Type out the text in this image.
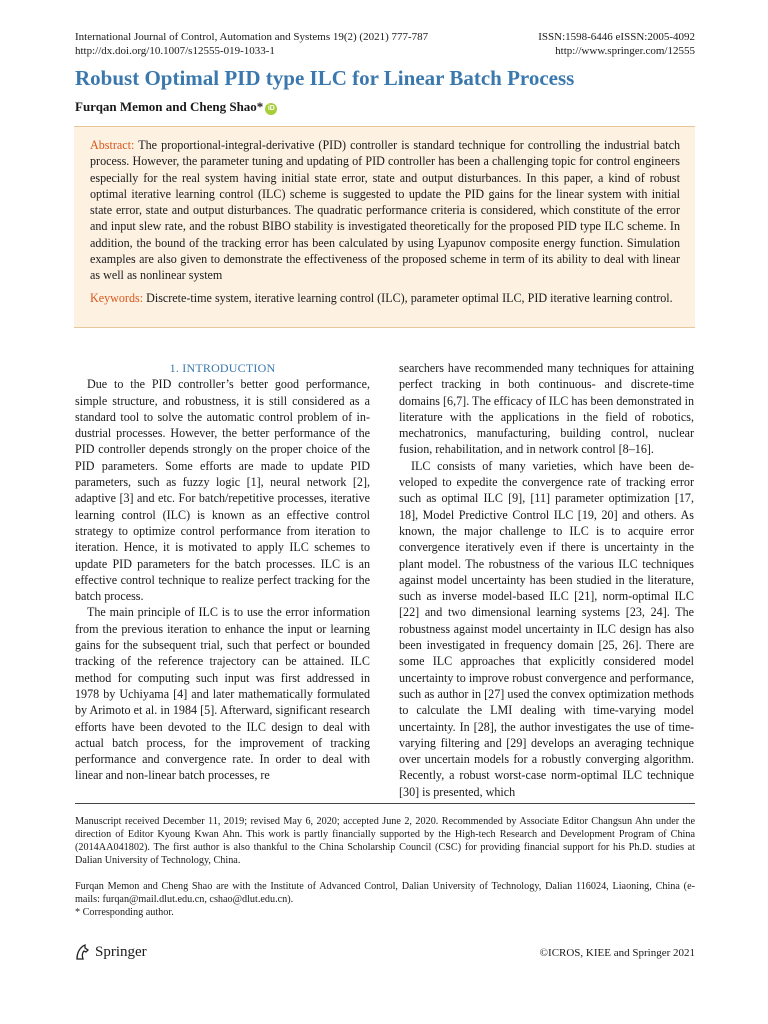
International Journal of Control, Automation and Systems 19(2) (2021) 777-787
http://dx.doi.org/10.1007/s12555-019-1033-1
ISSN:1598-6446 eISSN:2005-4092
http://www.springer.com/12555
Robust Optimal PID type ILC for Linear Batch Process
Furqan Memon and Cheng Shao* iD
Abstract: The proportional-integral-derivative (PID) controller is standard technique for controlling the industrial batch process. However, the parameter tuning and updating of PID controller has been a challenging topic for control engineers especially for the real system having initial state error, state and output disturbances. In this paper, a kind of robust optimal iterative learning control (ILC) scheme is suggested to update the PID gains for the linear system with initial state error, state and output disturbances. The quadratic performance criteria is considered, which constitute of the error and input slew rate, and the robust BIBO stability is investigated theoretically for the proposed PID type ILC scheme. In addition, the bound of the tracking error has been calculated by using Lyapunov composite energy function. Simulation examples are also given to demonstrate the effectiveness of the proposed scheme in term of its ability to deal with linear as well as nonlinear system
Keywords: Discrete-time system, iterative learning control (ILC), parameter optimal ILC, PID iterative learning control.

1. INTRODUCTION

Due to the PID controller’s better good performance, simple structure, and robustness, it is still considered as a standard tool to solve the automatic control problem of industrial processes. However, the better performance of the PID controller depends strongly on the proper choice of the PID parameters. Some efforts are made to update PID parameters, such as fuzzy logic [1], neural network [2], adaptive [3] and etc. For batch/repetitive processes, iterative learning control (ILC) is known as an effective control strategy to optimize control performance from iteration to iteration. Hence, it is motivated to apply ILC schemes to update PID parameters for the batch processes. ILC is an effective control technique to realize perfect tracking for the batch process.

The main principle of ILC is to use the error information from the previous iteration to enhance the input or learning gains for the subsequent trial, such that perfect or bounded tracking of the reference trajectory can be attained. ILC method for computing such input was first addressed in 1978 by Uchiyama [4] and later mathematically formulated by Arimoto et al. in 1984 [5]. Afterward, significant research efforts have been devoted to the ILC design to deal with actual batch process, for the improvement of tracking performance and convergence rate. In order to deal with linear and non-linear batch processes, re

searchers have recommended many techniques for attaining perfect tracking in both continuous- and discrete-time domains [6,7]. The efficacy of ILC has been demonstrated in literature with the applications in the field of robotics, mechatronics, manufacturing, building control, nuclear fusion, rehabilitation, and in network control [8–16].

ILC consists of many varieties, which have been developed to expedite the convergence rate of tracking error such as optimal ILC [9], [11] parameter optimization [17, 18], Model Predictive Control ILC [19, 20] and others. As known, the major challenge to ILC is to acquire error convergence iteratively even if there is uncertainty in the plant model. The robustness of the various ILC techniques against model uncertainty has been studied in the literature, such as inverse model-based ILC [21], norm-optimal ILC [22] and two dimensional learning systems [23, 24]. The robustness against model uncertainty in ILC design has also been investigated in frequency domain [25, 26]. There are some ILC approaches that explicitly considered model uncertainty to improve robust convergence and performance, such as author in [27] used the convex optimization methods to calculate the LMI dealing with time-varying model uncertainty. In [28], the author investigates the use of time-varying filtering and [29] develops an averaging technique over uncertain models for a robustly converging algorithm. Recently, a robust worst-case norm-optimal ILC technique [30] is presented, which

Manuscript received December 11, 2019; revised May 6, 2020; accepted June 2, 2020. Recommended by Associate Editor Changsun Ahn under the direction of Editor Kyoung Kwan Ahn. This work is partly financially supported by the High-tech Research and Development Program of China (2014AA041802). The first author is also thankful to the China Scholarship Council (CSC) for providing financial support for his Ph.D. studies at Dalian University of Technology, China.
Furqan Memon and Cheng Shao are with the Institute of Advanced Control, Dalian University of Technology, Dalian 116024, Liaoning, China (e-mails: furqan@mail.dlut.edu.cn, cshao@dlut.edu.cn).
* Corresponding author.
Springer	©ICROS, KIEE and Springer 2021
